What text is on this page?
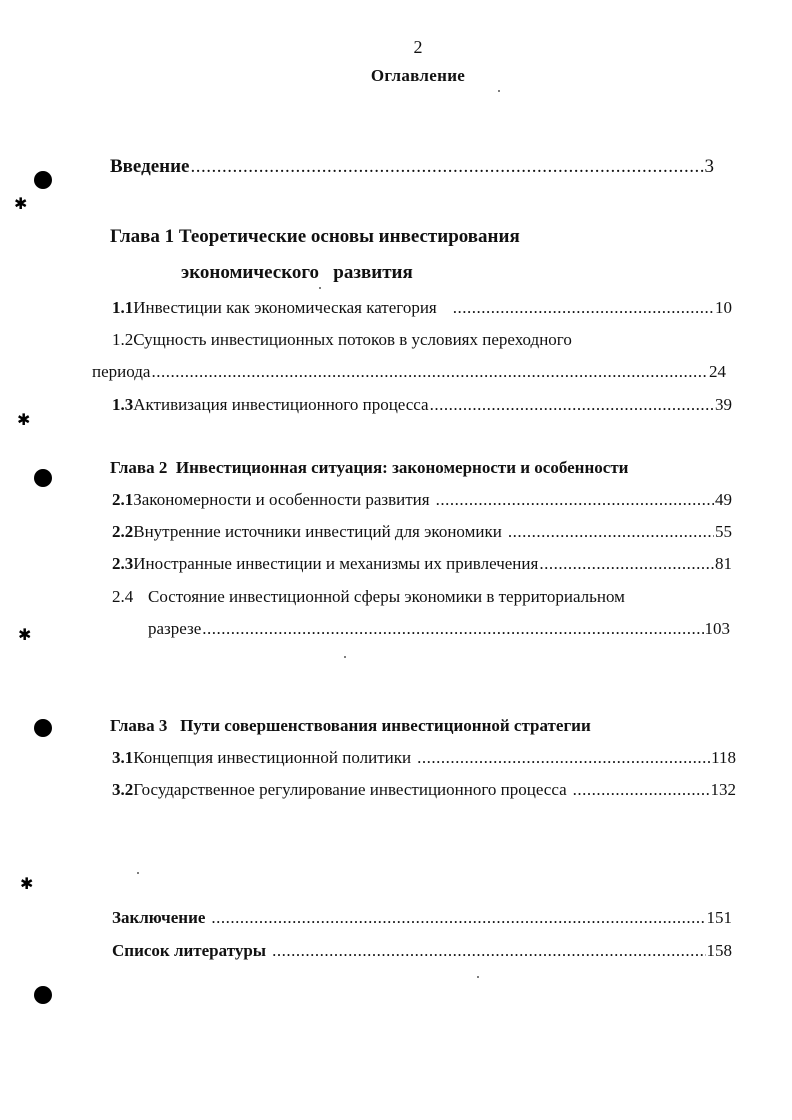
✱
✱
✱
✱
2
Оглавление
Введение .....	3
Глава 1 Теоретические основы инвестирования
экономического   развития
1.1 Инвестиции как экономическая категория .....	10
1.2Сущность инвестиционных потоков в условиях переходного
периода .....	24
1.3 Активизация инвестиционного процесса .....	39
Глава 2  Инвестиционная ситуация: закономерности и особенности
2.1 Закономерности и особенности развития .....	49
2.2 Внутренние источники инвестиций для экономики .....	55
2.3 Иностранные инвестиции и механизмы их привлечения .....	81
2.4 Состояние инвестиционной сферы экономики в территориальном
разрезе .....	103
Глава 3   Пути совершенствования инвестиционной стратегии
3.1 Концепция инвестиционной политики .....	118
3.2 Государственное регулирование инвестиционного процесса .....	132
Заключение .....	151
Список литературы .....	158
